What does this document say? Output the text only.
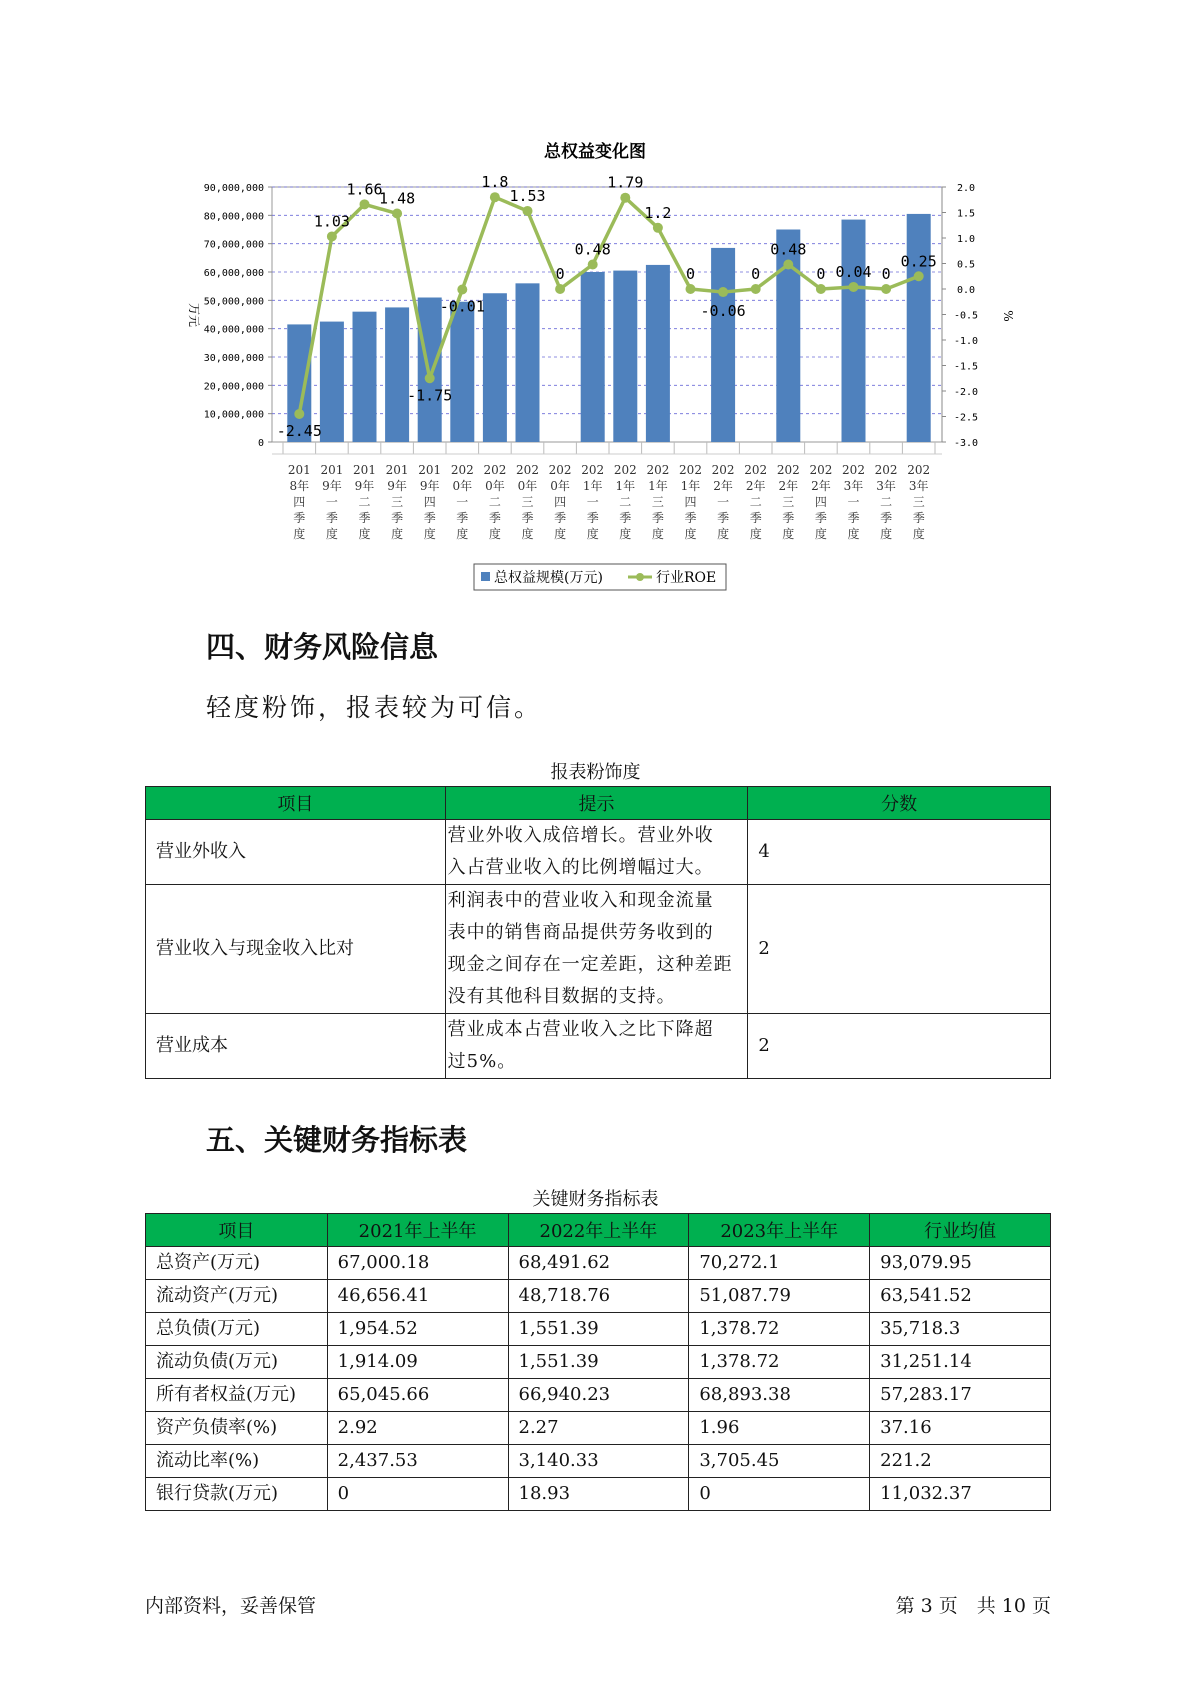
总权益变化图
0
10,000,000
20,000,000
30,000,000
40,000,000
50,000,000
60,000,000
70,000,000
80,000,000
90,000,000
-3.0
-2.5
-2.0
-1.5
-1.0
-0.5
0.0
0.5
1.0
1.5
2.0
万元	%
201
8年
四
季
度
201
9年
一
季
度
201
9年
二
季
度
201
9年
三
季
度
201
9年
四
季
度
202
0年
一
季
度
202
0年
二
季
度
202
0年
三
季
度
202
0年
四
季
度
202
1年
一
季
度
202
1年
二
季
度
202
1年
三
季
度
202
1年
四
季
度
202
2年
一
季
度
202
2年
二
季
度
202
2年
三
季
度
202
2年
四
季
度
202
3年
一
季
度
202
3年
二
季
度
202
3年
三
季
度
-2.45
1.03
1.66
1.48
-1.75
-0.01
1.8
1.53
0
0.48
1.79
1.2
0
-0.06
0
0.48
0 0.04 0
0.25
总权益规模(万元)	行业ROE
四、财务风险信息

轻度粉饰，报表较为可信。

报表粉饰度

项目	提示	分数
营业外收入	营业外收入成倍增长。营业外收
入占营业收入的比例增幅过大。	4
营业收入与现金收入比对	利润表中的营业收入和现金流量
表中的销售商品提供劳务收到的
现金之间存在一定差距，这种差距
没有其他科目数据的支持。	2
营业成本	营业成本占营业收入之比下降超
过5%。	2
五、关键财务指标表

关键财务指标表

项目	2021年上半年	2022年上半年	2023年上半年	行业均值
总资产(万元)	67,000.18	68,491.62	70,272.1	93,079.95
流动资产(万元)	46,656.41	48,718.76	51,087.79	63,541.52
总负债(万元)	1,954.52	1,551.39	1,378.72	35,718.3
流动负债(万元)	1,914.09	1,551.39	1,378.72	31,251.14
所有者权益(万元)	65,045.66	66,940.23	68,893.38	57,283.17
资产负债率(%)	2.92	2.27	1.96	37.16
流动比率(%)	2,437.53	3,140.33	3,705.45	221.2
银行贷款(万元)	0	18.93	0	11,032.37

内部资料，妥善保管	第 3 页　共 10 页
